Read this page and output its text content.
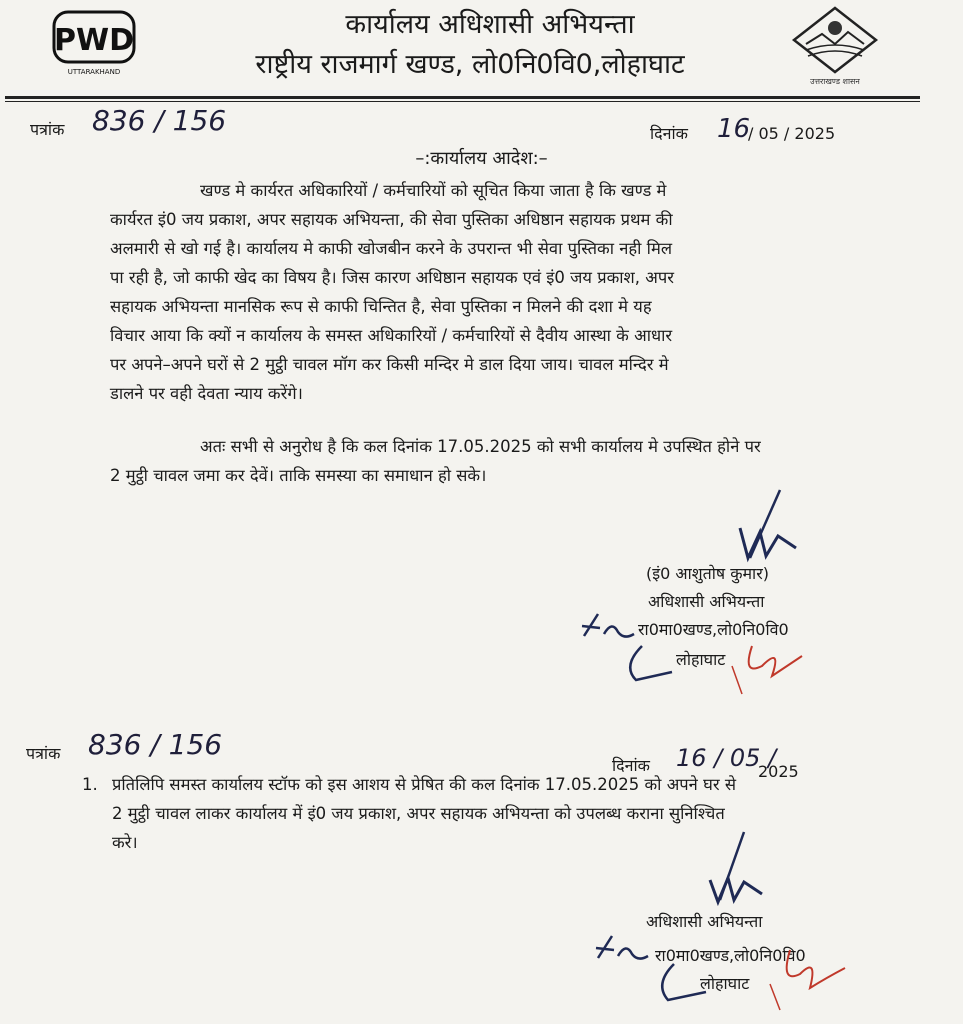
PWD
UTTARAKHAND
कार्यालय अधिशासी अभियन्ता
राष्ट्रीय राजमार्ग खण्ड, लो0नि0वि0,लोहाघाट
उत्तराखण्ड शासन
पत्रांक 836 / 156	दिनांक 16
/ 05 / 2025
–:कार्यालय आदेश:–
खण्ड मे कार्यरत अधिकारियों / कर्मचारियों को सूचित किया जाता है कि खण्ड मे
कार्यरत इं0 जय प्रकाश, अपर सहायक अभियन्ता, की सेवा पुस्तिका अधिष्ठान सहायक प्रथम की
अलमारी से खो गई है। कार्यालय मे काफी खोजबीन करने के उपरान्त भी सेवा पुस्तिका नही मिल
पा रही है, जो काफी खेद का विषय है। जिस कारण अधिष्ठान सहायक एवं इं0 जय प्रकाश, अपर
सहायक अभियन्ता मानसिक रूप से काफी चिन्तित है, सेवा पुस्तिका न मिलने की दशा मे यह
विचार आया कि क्यों न कार्यालय के समस्त अधिकारियों / कर्मचारियों से दैवीय आस्था के आधार
पर अपने–अपने घरों से 2 मुट्ठी चावल मॉग कर किसी मन्दिर मे डाल दिया जाय। चावल मन्दिर मे
डालने पर वही देवता न्याय करेंगे।
अतः सभी से अनुरोध है कि कल दिनांक 17.05.2025 को सभी कार्यालय मे उपस्थित होने पर
2 मुट्ठी चावल जमा कर देवें। ताकि समस्या का समाधान हो सके।
(इं0 आशुतोष कुमार)
अधिशासी अभियन्ता
रा0मा0खण्ड,लो0नि0वि0
लोहाघाट
पत्रांक 836 / 156
दिनांक 16 / 05 /
2025
1. प्रतिलिपि समस्त कार्यालय स्टॉफ को इस आशय से प्रेषित की कल दिनांक 17.05.2025 को अपने घर से
2 मुट्ठी चावल लाकर कार्यालय में इं0 जय प्रकाश, अपर सहायक अभियन्ता को उपलब्ध कराना सुनिश्चित
करे।
अधिशासी अभियन्ता
रा0मा0खण्ड,लो0नि0वि0
लोहाघाट
